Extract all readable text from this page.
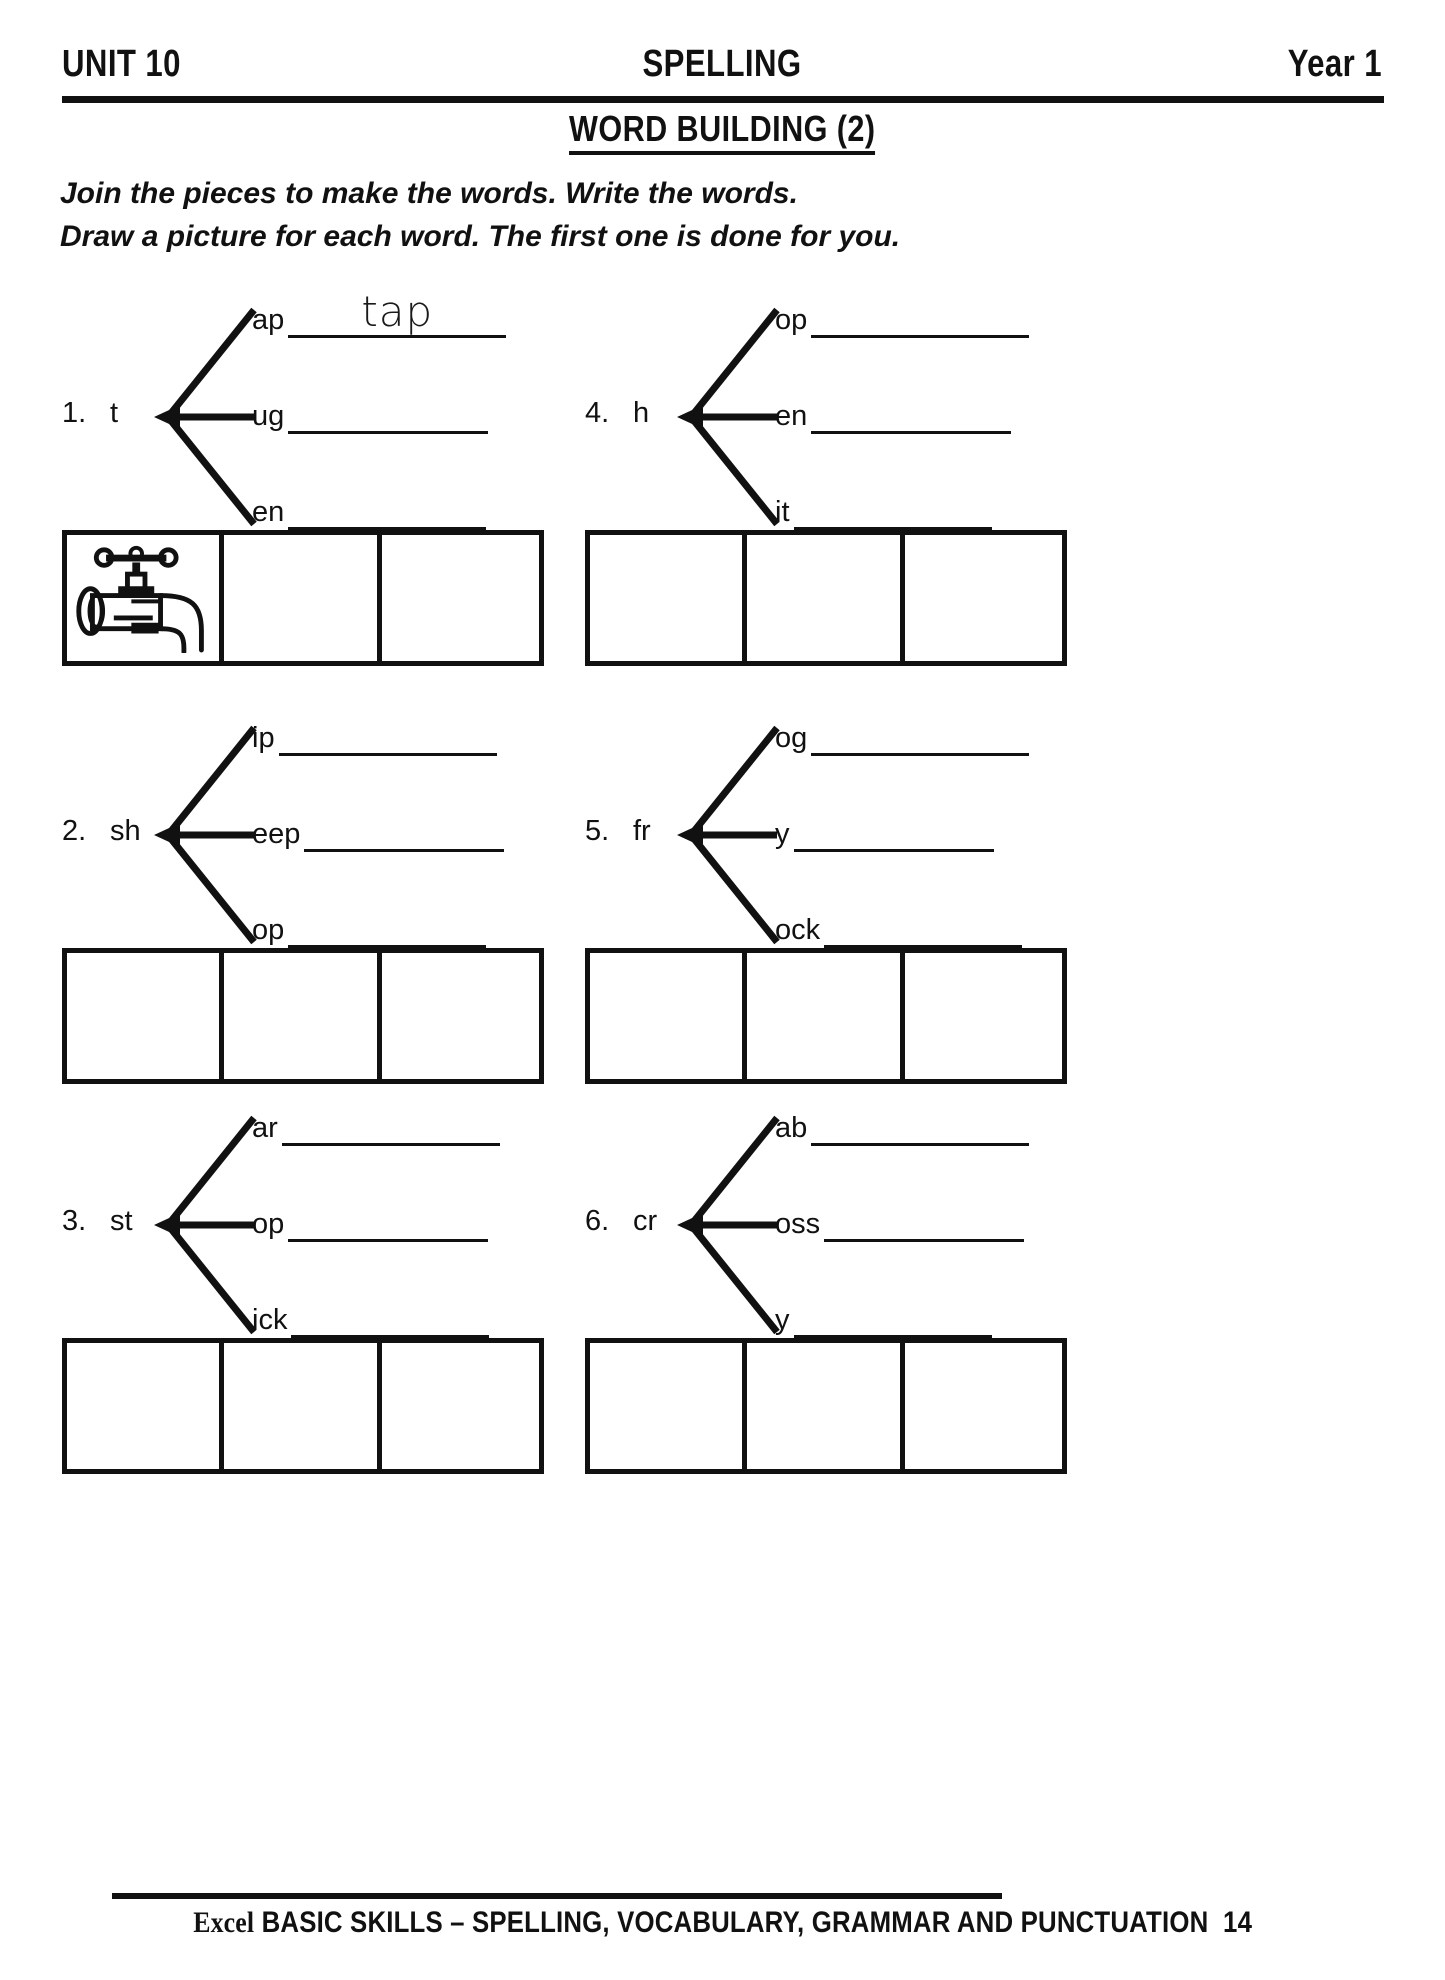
UNIT 10	SPELLING	Year 1
WORD BUILDING (2)
Join the pieces to make the words. Write the words.
Draw a picture for each word. The first one is done for you.
1. t
ap	tap
ug
en
4. h
op
en
it
2. sh
ip
eep
op
5. fr
og
y
ock
3. st
ar
op
ick
6. cr
ab
oss
y
Excel BASIC SKILLS – SPELLING, VOCABULARY, GRAMMAR AND PUNCTUATION 14
